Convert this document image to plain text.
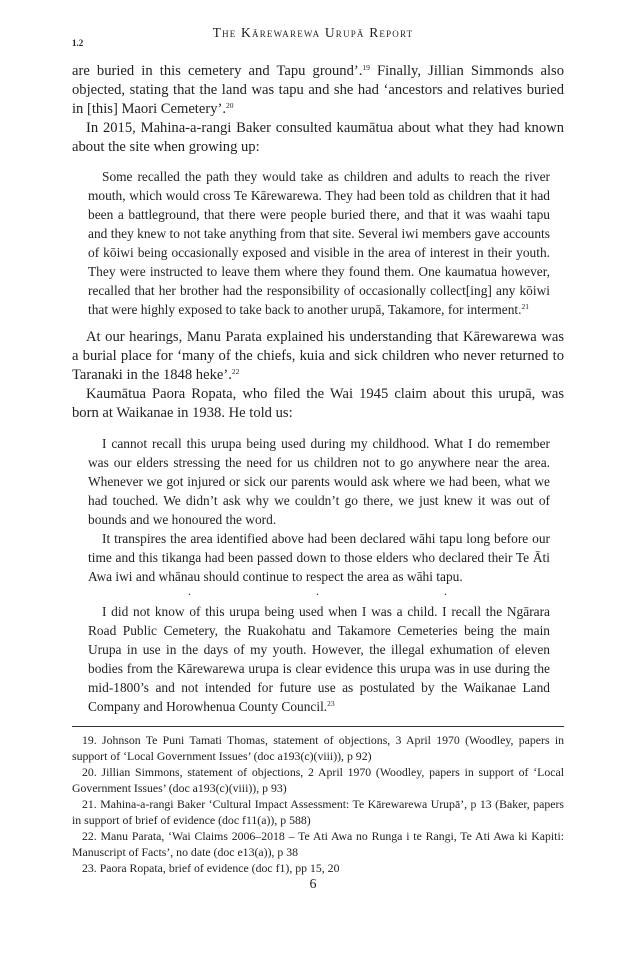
The Kārewarewa Urupā Report
1.2

are buried in this cemetery and Tapu ground’.$^{19}$ Finally, Jillian Simmonds also objected, stating that the land was tapu and she had ‘ancestors and relatives buried in [this] Maori Cemetery’.$^{20}$

In 2015, Mahina-a-rangi Baker consulted kaumātua about what they had known about the site when growing up:

Some recalled the path they would take as children and adults to reach the river mouth, which would cross Te Kārewarewa. They had been told as children that it had been a battleground, that there were people buried there, and that it was waahi tapu and they knew to not take anything from that site. Several iwi members gave accounts of kōiwi being occasionally exposed and visible in the area of interest in their youth. They were instructed to leave them where they found them. One kaumatua however, recalled that her brother had the responsibility of occasionally collect[ing] any kōiwi that were highly exposed to take back to another urupā, Takamore, for interment.$^{21}$

At our hearings, Manu Parata explained his understanding that Kārewarewa was a burial place for ‘many of the chiefs, kuia and sick children who never returned to Taranaki in the 1848 heke’.$^{22}$

Kaumātua Paora Ropata, who filed the Wai 1945 claim about this urupā, was born at Waikanae in 1938. He told us:

I cannot recall this urupa being used during my childhood. What I do remember was our elders stressing the need for us children not to go anywhere near the area. Whenever we got injured or sick our parents would ask where we had been, what we had touched. We didn’t ask why we couldn’t go there, we just knew it was out of bounds and we honoured the word.

It transpires the area identified above had been declared wāhi tapu long before our time and this tikanga had been passed down to those elders who declared their Te Āti Awa iwi and whānau should continue to respect the area as wāhi tapu.

.	.	.

I did not know of this urupa being used when I was a child. I recall the Ngārara Road Public Cemetery, the Ruakohatu and Takamore Cemeteries being the main Urupa in use in the days of my youth. However, the illegal exhumation of eleven bodies from the Kārewarewa urupa is clear evidence this urupa was in use during the mid-1800’s and not intended for future use as postulated by the Waikanae Land Company and Horowhenua County Council.$^{23}$

19. Johnson Te Puni Tamati Thomas, statement of objections, 3 April 1970 (Woodley, papers in support of ‘Local Government Issues’ (doc a193(c)(viii)), p 92)

20. Jillian Simmons, statement of objections, 2 April 1970 (Woodley, papers in support of ‘Local Government Issues’ (doc a193(c)(viii)), p 93)

21. Mahina-a-rangi Baker ‘Cultural Impact Assessment: Te Kārewarewa Urupā’, p 13 (Baker, papers in support of brief of evidence (doc f11(a)), p 588)

22. Manu Parata, ‘Wai Claims 2006–2018 – Te Ati Awa no Runga i te Rangi, Te Ati Awa ki Kapiti: Manuscript of Facts’, no date (doc e13(a)), p 38

23. Paora Ropata, brief of evidence (doc f1), pp 15, 20

6
